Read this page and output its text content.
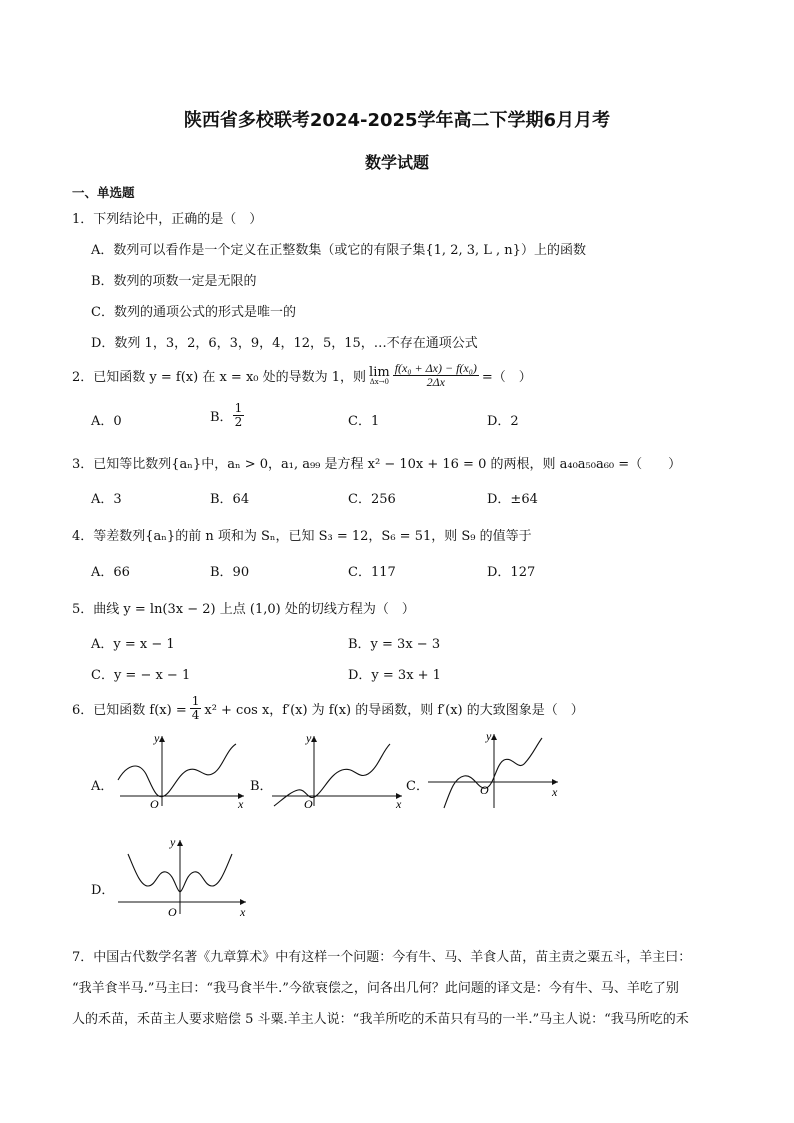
陕西省多校联考2024-2025学年高二下学期6月月考
数学试题
一、单选题
1．下列结论中，正确的是（　）
A．数列可以看作是一个定义在正整数集（或它的有限子集{1, 2, 3, L , n}）上的函数
B．数列的项数一定是无限的
C．数列的通项公式的形式是唯一的
D．数列 1，3，2，6，3，9，4，12，5，15，…不存在通项公式
2．已知函数 y = f(x) 在 x = x₀ 处的导数为 1，则 lim
$\Delta x\to 0 \frac{\text{f(x₀ + Δx) − f(x₀)}}{2\Delta x}$ =（　）
A．0	B． $\frac{1}{2}$	C．1	D．2
3．已知等比数列{aₙ}中，aₙ > 0，a₁, a₉₉ 是方程 x² − 10x + 16 = 0 的两根，则 a₄₀a₅₀a₆₀ =（　　）
A．3	B．64	C．256	D．±64
4．等差数列{aₙ}的前 n 项和为 Sₙ，已知 S₃ = 12，S₆ = 51，则 S₉ 的值等于
A．66	B．90	C．117	D．127
5．曲线 y = ln(3x − 2) 上点 (1,0) 处的切线方程为（　）
A．y = x − 1	B．y = 3x − 3
C．y = − x − 1	D．y = 3x + 1
6．已知函数 $f(x) = \frac{1}{4} x^2 + \cos x$，f′(x) 为 f(x) 的导函数，则 f′(x) 的大致图象是（　）
A．
y
x
O
B．
y
x
O
C．
y
x
O
D．
y
x
O
7．中国古代数学名著《九章算术》中有这样一个问题：今有牛、马、羊食人苗，苗主责之粟五斗，羊主曰：
“我羊食半马.”马主曰：“我马食半牛.”今欲衰偿之，问各出几何？此问题的译文是：今有牛、马、羊吃了别
人的禾苗，禾苗主人要求赔偿 5 斗粟.羊主人说：“我羊所吃的禾苗只有马的一半.”马主人说：“我马所吃的禾
